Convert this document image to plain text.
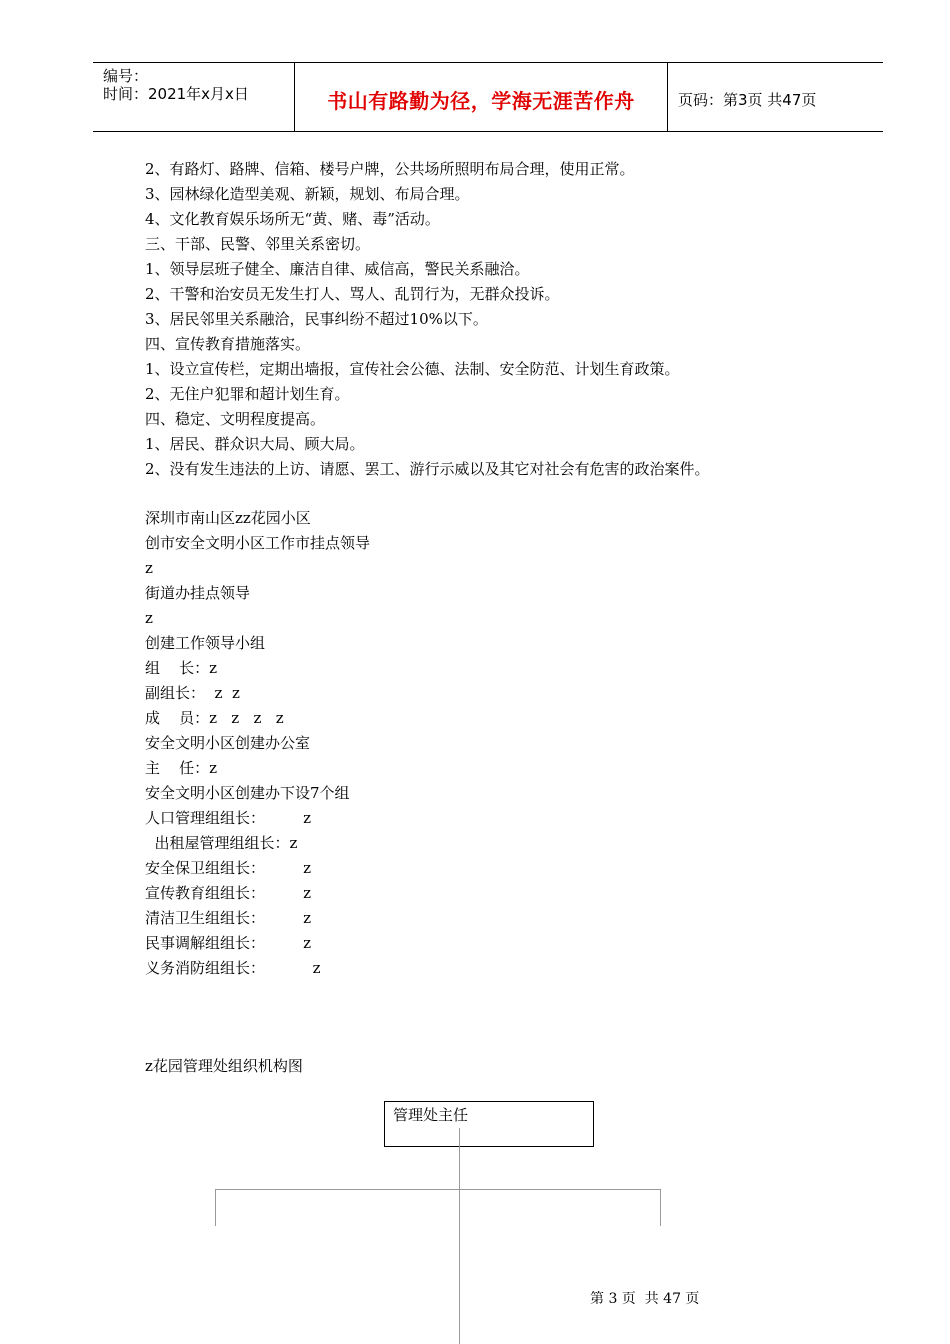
编号：
时间：2021年x月x日	书山有路勤为径，学海无涯苦作舟	页码：第3页 共47页
2、有路灯、路牌、信箱、楼号户牌，公共场所照明布局合理，使用正常。
3、园林绿化造型美观、新颖，规划、布局合理。
4、文化教育娱乐场所无“黄、赌、毒”活动。
三、干部、民警、邻里关系密切。
1、领导层班子健全、廉洁自律、威信高，警民关系融洽。
2、干警和治安员无发生打人、骂人、乱罚行为，无群众投诉。
3、居民邻里关系融洽，民事纠纷不超过10%以下。
四、宣传教育措施落实。
1、设立宣传栏，定期出墙报，宣传社会公德、法制、安全防范、计划生育政策。
2、无住户犯罪和超计划生育。
四、稳定、文明程度提高。
1、居民、群众识大局、顾大局。
2、没有发生违法的上访、请愿、罢工、游行示威以及其它对社会有危害的政治案件。
深圳市南山区zz花园小区
创市安全文明小区工作市挂点领导
z
街道办挂点领导
z
创建工作领导小组
组    长：z
副组长：  z  z
成    员：z   z   z   z
安全文明小区创建办公室
主    任：z
安全文明小区创建办下设7个组
人口管理组组长：        z
出租屋管理组组长：z
安全保卫组组长：        z
宣传教育组组长：        z
清洁卫生组组长：        z
民事调解组组长：        z
义务消防组组长：          z
z花园管理处组织机构图
管理处主任
第 3 页  共 47 页
